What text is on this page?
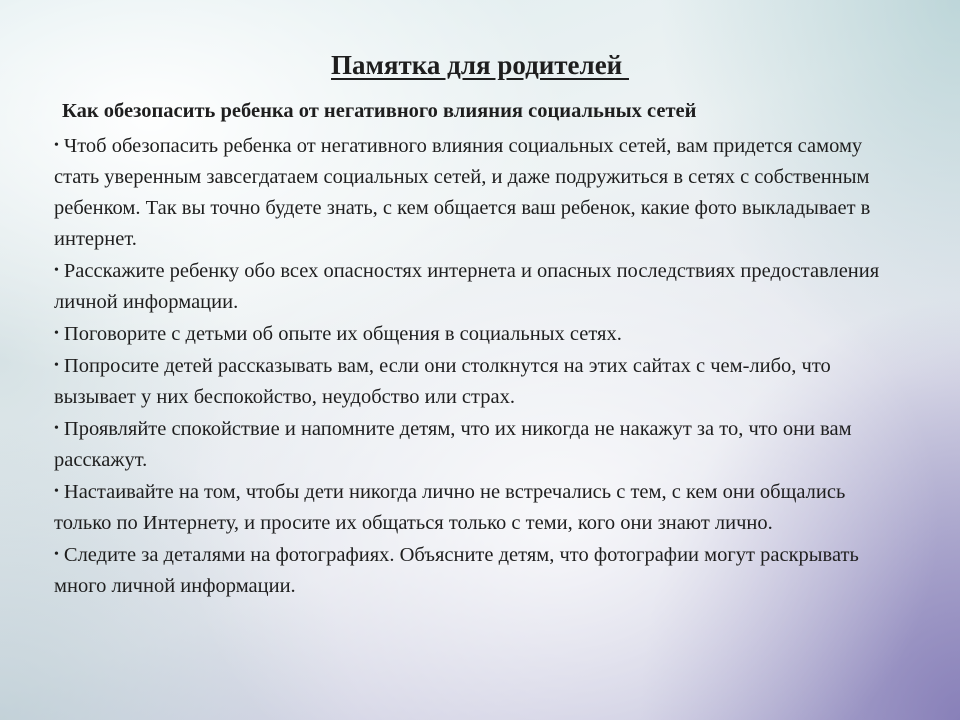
Памятка для родителей
Как обезопасить ребенка от негативного влияния социальных сетей
• Чтоб обезопасить ребенка от негативного влияния социальных сетей, вам придется самому стать уверенным завсегдатаем социальных сетей, и даже подружиться в сетях с собственным ребенком. Так вы точно будете знать, с кем общается ваш ребенок, какие фото выкладывает в интернет.
• Расскажите ребенку обо всех опасностях интернета и опасных последствиях предоставления личной информации.
• Поговорите с детьми об опыте их общения в социальных сетях.
• Попросите детей рассказывать вам, если они столкнутся на этих сайтах с чем-либо, что вызывает у них беспокойство, неудобство или страх.
• Проявляйте спокойствие и напомните детям, что их никогда не накажут за то, что они вам расскажут.
• Настаивайте на том, чтобы дети никогда лично не встречались с тем, с кем они общались только по Интернету, и просите их общаться только с теми, кого они знают лично.
• Следите за деталями на фотографиях. Объясните детям, что фотографии могут раскрывать много личной информации.
